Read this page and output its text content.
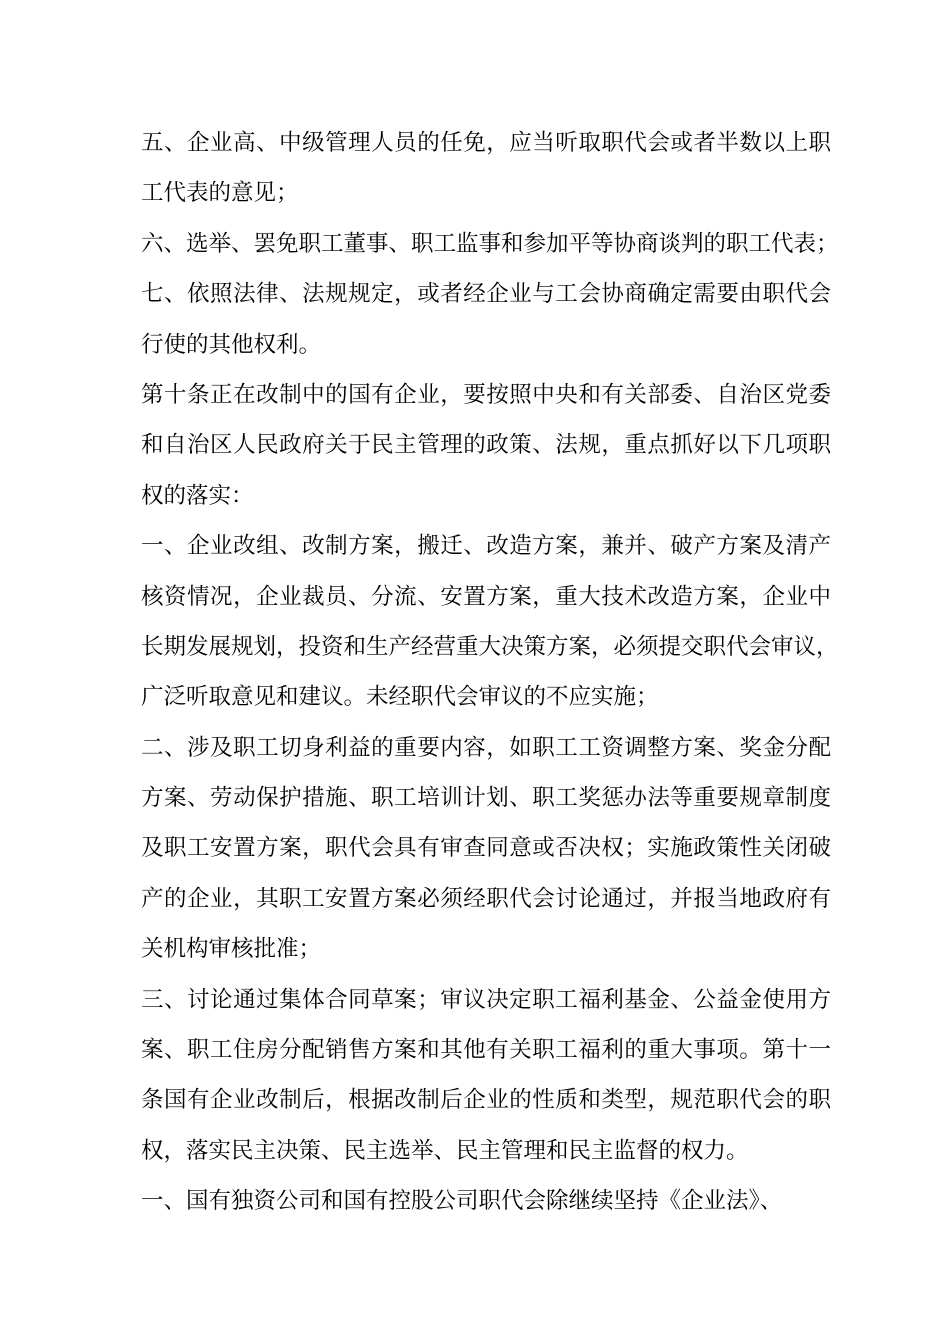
五、企业高、中级管理人员的任免，应当听取职代会或者半数以上职
工代表的意见；
六、选举、罢免职工董事、职工监事和参加平等协商谈判的职工代表；
七、依照法律、法规规定，或者经企业与工会协商确定需要由职代会
行使的其他权利。
第十条正在改制中的国有企业，要按照中央和有关部委、自治区党委
和自治区人民政府关于民主管理的政策、法规，重点抓好以下几项职
权的落实：
一、企业改组、改制方案，搬迁、改造方案，兼并、破产方案及清产
核资情况，企业裁员、分流、安置方案，重大技术改造方案，企业中
长期发展规划，投资和生产经营重大决策方案，必须提交职代会审议，
广泛听取意见和建议。未经职代会审议的不应实施；
二、涉及职工切身利益的重要内容，如职工工资调整方案、奖金分配
方案、劳动保护措施、职工培训计划、职工奖惩办法等重要规章制度
及职工安置方案，职代会具有审查同意或否决权；实施政策性关闭破
产的企业，其职工安置方案必须经职代会讨论通过，并报当地政府有
关机构审核批准；
三、讨论通过集体合同草案；审议决定职工福利基金、公益金使用方
案、职工住房分配销售方案和其他有关职工福利的重大事项。第十一
条国有企业改制后，根据改制后企业的性质和类型，规范职代会的职
权，落实民主决策、民主选举、民主管理和民主监督的权力。
一、国有独资公司和国有控股公司职代会除继续坚持《企业法》、
